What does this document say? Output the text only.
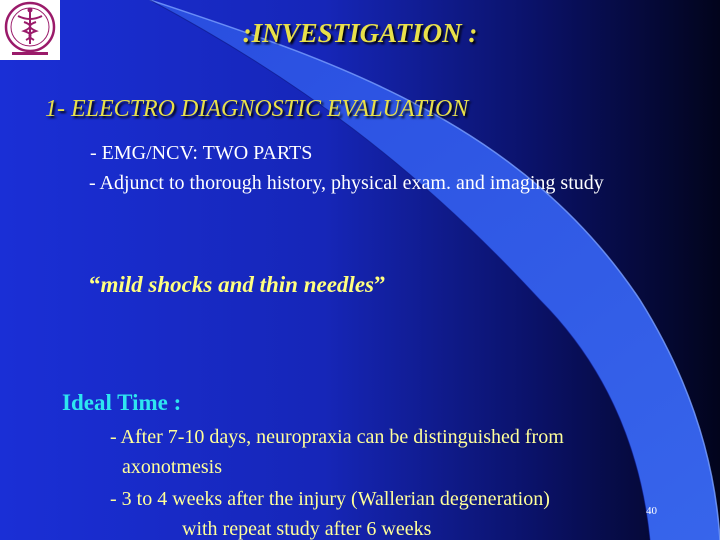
:INVESTIGATION :
1- ELECTRO DIAGNOSTIC EVALUATION
- EMG/NCV: TWO PARTS
- Adjunct to thorough history, physical exam. and imaging study
“mild shocks and thin needles”
Ideal Time :
- After 7-10 days, neuropraxia can be distinguished from
axonotmesis
- 3 to 4 weeks after the injury (Wallerian degeneration)
with repeat study after 6 weeks
40
